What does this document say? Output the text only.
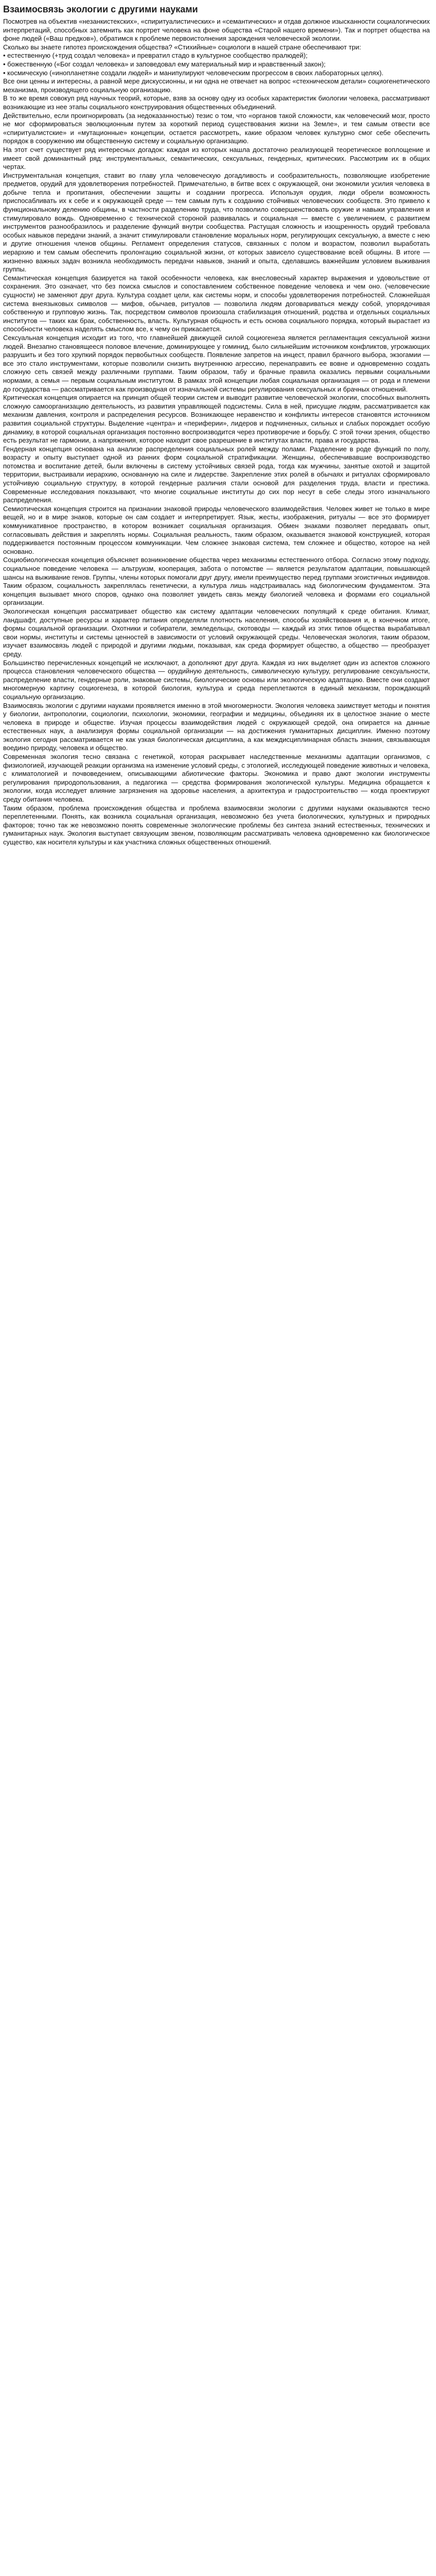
Взаимосвязь экологии с другими науками

Посмотрев на объектив «незанкистекских», «спиритуалистических» и «семантических» и отдав должное изысканности социалогических интерпретаций, способных затемнить как портрет человека на фоне общества «Старой нашего времени»). Так и портрет общества на фоне людей («Ваш предков»), обратимся к проблеме первоистолнения зарождения человеческой экологии.

Сколько вы знаете гипотез происхождения общества? «Стихийные» социологи в нашей стране обеспечивают три:

• естественную (+труд создал человека» и превратил стадо в культурное сообщество пралюдей);

• божественную («Бог создал человека» и заповедовал ему материальный мир и нравственный закон);

• космическую («инопланетяне создали людей» и манипулируют человеческим прогрессом в своих лабораторных целях).

Все они ценны и интересны, а равной мере дискуссионны, и ни одна не отвечает на вопрос «стехническом детали» социогенетического механизма, производящего социальную организацию.

В то же время совокуп ряд научных теорий, которые, взяв за основу одну из особых характеристик биологии человека, рассматривают возникающие из нее этапы социального конструирования общественных объединений.

Действительно, если проигнорировать (за недоказанностью) тезис о том, что «органов такой сложности, как человеческий мозг, просто не мог сформироваться эволюционным путем за короткий период существования жизни на Земле», и тем самым отвести все «спиритуалистские» и «мутационные» концепции, остается рассмотреть, какие образом человек культурно смог себе обеспечить порядок в сооружению им общественную систему и социальную организацию.

На этот счет существует ряд интересных догадок: каждая из которых нашла достаточно реализующей теоретическое воплощение и имеет свой доминантный ряд: инструментальных, семантических, сексуальных, гендерных, критических. Рассмотрим их в общих чертах.

Инструментальная концепция, ставит во главу угла человеческую догадливость и сообразительность, позволяющие изобретение предметов, орудий для удовлетворения потребностей. Примечательно, в битве всех с окружающей, они экономили усилия человека в добыче тепла и пропитания, обеспечении защиты и создании прогресса. Используя орудия, люди обрели возможность приспосабливать их к себе и к окружающей среде — тем самым путь к созданию стойчивых человеческих сообществ. Это привело к функциональному делению общины, в частности разделению труда, что позволило совершенствовать оружие и навыки управления и стимулировало вождь. Одновременно с технической стороной развивалась и социальная — вместе с увеличением, с развитием инструментов разнообразилось и разделение функций внутри сообщества. Растущая сложность и изощренность орудий требовала особых навыков передачи знаний, а значит стимулировали становление моральных норм, регулирующих сексуальную, а вместе с нею и другие отношения членов общины. Регламент определения статусов, связанных с полом и возрастом, позволил выработать иерархию и тем самым обеспечить пролонгацию социальной жизни, от которых зависело существование всей общины. В итоге — жизненно важных задач возникла необходимость передачи навыков, знаний и опыта, сделавшись важнейшим условием выживания группы.

Семантическая концепция базируется на такой особенности человека, как внесловесный характер выражения и удовольствие от сохранения. Это означает, что без поиска смыслов и сопоставлением собственное поведение человека и чем оно. (человеческие сущности) не заменяют друг друга. Культура создает цели, как системы норм, и способы удовлетворения потребностей. Сложнейшая система внеязыковых символов — мифов, обычаев, ритуалов — позволила людям договариваться между собой, упорядочивая собственную и групповую жизнь. Так, посредством символов произошла стабилизация отношений, родства и отдельных социальных институтов — таких как брак, собственность, власть. Культурная общность и есть основа социального порядка, который вырастает из способности человека наделять смыслом все, к чему он прикасается.

Сексуальная концепция исходит из того, что главнейшей движущей силой социогенеза является регламентация сексуальной жизни людей. Внезапно становящееся половое влечение, доминирующее у гоминид, было сильнейшим источником конфликтов, угрожающих разрушить и без того хрупкий порядок первобытных сообществ. Появление запретов на инцест, правил брачного выбора, экзогамии — все это стало инструментами, которые позволили снизить внутреннюю агрессию, перенаправить ее вовне и одновременно создать сложную сеть связей между различными группами. Таким образом, табу и брачные правила оказались первыми социальными нормами, а семья — первым социальным институтом. В рамках этой концепции любая социальная организация — от рода и племени до государства — рассматривается как производная от изначальной системы регулирования сексуальных и брачных отношений.

Критическая концепция опирается на принцип общей теории систем и выводит развитие человеческой экологии, способных выполнять сложную самоорганизацию деятельность, из развития управляющей подсистемы. Сила в ней, присущие людям, рассматривается как механизм давления, контроля и распределения ресурсов. Возникающее неравенство и конфликты интересов становятся источником развития социальной структуры. Выделение «центра» и «периферии», лидеров и подчиненных, сильных и слабых порождает особую динамику, в которой социальная организация постоянно воспроизводится через противоречие и борьбу. С этой точки зрения, общество есть результат не гармонии, а напряжения, которое находит свое разрешение в институтах власти, права и государства.

Гендерная концепция основана на анализе распределения социальных ролей между полами. Разделение в роде функций по полу, возрасту и опыту выступает одной из ранних форм социальной стратификации. Женщины, обеспечивавшие воспроизводство потомства и воспитание детей, были включены в систему устойчивых связей рода, тогда как мужчины, занятые охотой и защитой территории, выстраивали иерархию, основанную на силе и лидерстве. Закрепление этих ролей в обычаях и ритуалах сформировало устойчивую социальную структуру, в которой гендерные различия стали основой для разделения труда, власти и престижа. Современные исследования показывают, что многие социальные институты до сих пор несут в себе следы этого изначального распределения.

Семиотическая концепция строится на признании знаковой природы человеческого взаимодействия. Человек живет не только в мире вещей, но и в мире знаков, которые он сам создает и интерпретирует. Язык, жесты, изображения, ритуалы — все это формирует коммуникативное пространство, в котором возникает социальная организация. Обмен знаками позволяет передавать опыт, согласовывать действия и закреплять нормы. Социальная реальность, таким образом, оказывается знаковой конструкцией, которая поддерживается постоянным процессом коммуникации. Чем сложнее знаковая система, тем сложнее и общество, которое на ней основано.

Социобиологическая концепция объясняет возникновение общества через механизмы естественного отбора. Согласно этому подходу, социальное поведение человека — альтруизм, кооперация, забота о потомстве — является результатом адаптации, повышающей шансы на выживание генов. Группы, члены которых помогали друг другу, имели преимущество перед группами эгоистичных индивидов. Таким образом, социальность закреплялась генетически, а культура лишь надстраивалась над биологическим фундаментом. Эта концепция вызывает много споров, однако она позволяет увидеть связь между биологией человека и формами его социальной организации.

Экологическая концепция рассматривает общество как систему адаптации человеческих популяций к среде обитания. Климат, ландшафт, доступные ресурсы и характер питания определяли плотность населения, способы хозяйствования и, в конечном итоге, формы социальной организации. Охотники и собиратели, земледельцы, скотоводы — каждый из этих типов общества вырабатывал свои нормы, институты и системы ценностей в зависимости от условий окружающей среды. Человеческая экология, таким образом, изучает взаимосвязь людей с природой и другими людьми, показывая, как среда формирует общество, а общество — преобразует среду.

Большинство перечисленных концепций не исключают, а дополняют друг друга. Каждая из них выделяет один из аспектов сложного процесса становления человеческого общества — орудийную деятельность, символическую культуру, регулирование сексуальности, распределение власти, гендерные роли, знаковые системы, биологические основы или экологическую адаптацию. Вместе они создают многомерную картину социогенеза, в которой биология, культура и среда переплетаются в единый механизм, порождающий социальную организацию.

Взаимосвязь экологии с другими науками проявляется именно в этой многомерности. Экология человека заимствует методы и понятия у биологии, антропологии, социологии, психологии, экономики, географии и медицины, объединяя их в целостное знание о месте человека в природе и обществе. Изучая процессы взаимодействия людей с окружающей средой, она опирается на данные естественных наук, а анализируя формы социальной организации — на достижения гуманитарных дисциплин. Именно поэтому экология сегодня рассматривается не как узкая биологическая дисциплина, а как междисциплинарная область знания, связывающая воедино природу, человека и общество.

Современная экология тесно связана с генетикой, которая раскрывает наследственные механизмы адаптации организмов, с физиологией, изучающей реакции организма на изменение условий среды, с этологией, исследующей поведение животных и человека, с климатологией и почвоведением, описывающими абиотические факторы. Экономика и право дают экологии инструменты регулирования природопользования, а педагогика — средства формирования экологической культуры. Медицина обращается к экологии, когда исследует влияние загрязнения на здоровье населения, а архитектура и градостроительство — когда проектируют среду обитания человека.

Таким образом, проблема происхождения общества и проблема взаимосвязи экологии с другими науками оказываются тесно переплетенными. Понять, как возникла социальная организация, невозможно без учета биологических, культурных и природных факторов; точно так же невозможно понять современные экологические проблемы без синтеза знаний естественных, технических и гуманитарных наук. Экология выступает связующим звеном, позволяющим рассматривать человека одновременно как биологическое существо, как носителя культуры и как участника сложных общественных отношений.
